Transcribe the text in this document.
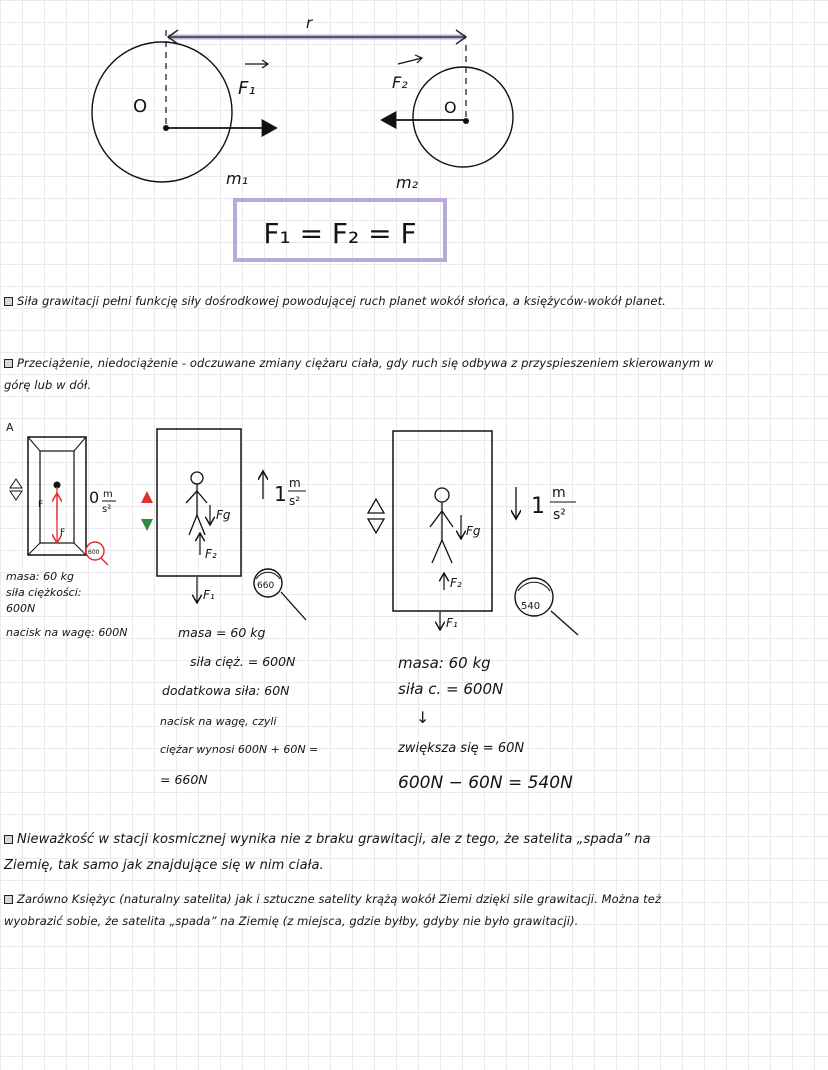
r
O
F₁
m₁
O
F₂
m₂
F₁ = F₂ = F

Siła grawitacji pełni funkcję siły dośrodkowej powodującej ruch planet wokół słońca, a księżyców-wokół planet.

Przeciążenie, niedociążenie - odczuwane zmiany ciężaru ciała, gdy ruch się odbywa z przyspieszeniem skierowanym w
górę lub w dół.

A
F
F
0 m
s²
600
Fg
F₂
F₁
1 m
s²
660
Fg
F₂
F₁
1
m
s²
540
masa: 60 kg
siła ciężkości:
600N
nacisk na wagę: 600N	masa = 60 kg
siła cięż. = 600N
dodatkowa siła: 60N
nacisk na wagę, czyli
ciężar wynosi 600N + 60N =
= 660N
masa: 60 kg
siła c. = 600N
↓
zwiększa się = 60N
600N − 60N = 540N

Nieważkość w stacji kosmicznej wynika nie z braku grawitacji, ale z tego, że satelita „spada” na
Ziemię, tak samo jak znajdujące się w nim ciała.

Zarówno Księżyc (naturalny satelita) jak i sztuczne satelity krążą wokół Ziemi dzięki sile grawitacji. Można też
wyobrazić sobie, że satelita „spada” na Ziemię (z miejsca, gdzie byłby, gdyby nie było grawitacji).
